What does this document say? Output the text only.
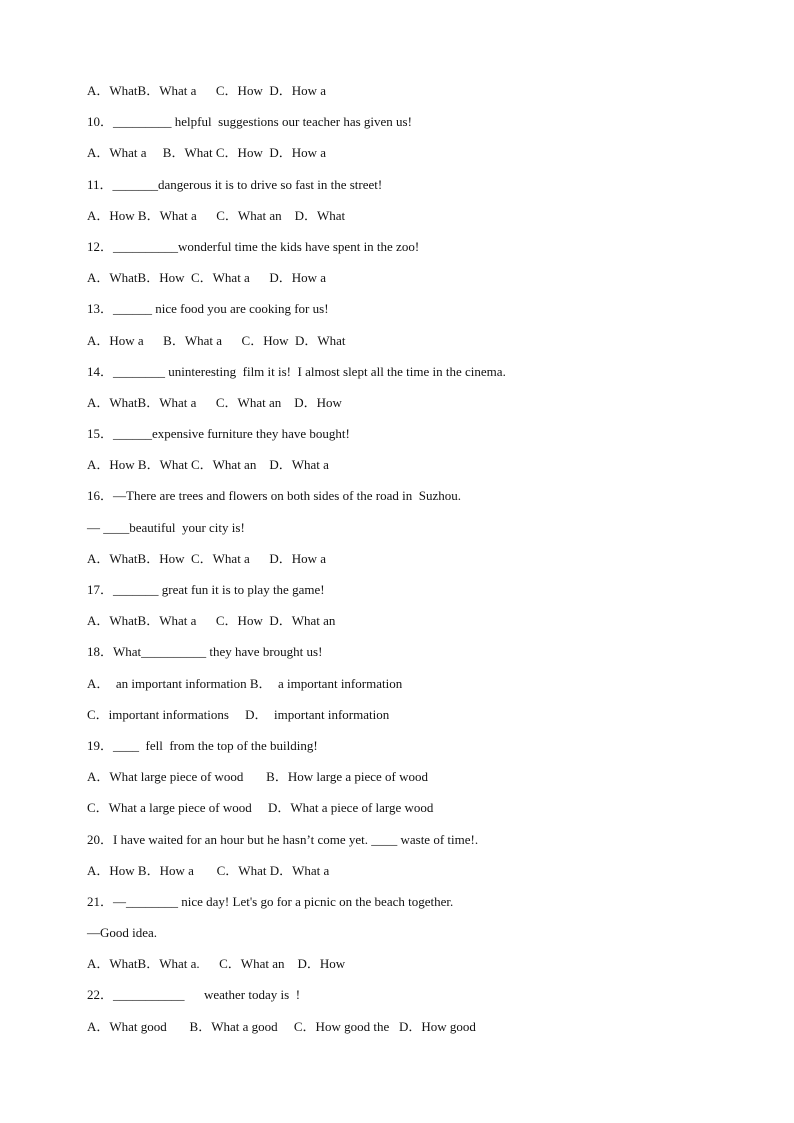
A．WhatB．What a      C．How  D．How a
10．_________ helpful  suggestions our teacher has given us!
A．What a     B．What C．How  D．How a
11．_______dangerous it is to drive so fast in the street!
A．How B．What a      C．What an    D．What
12．__________wonderful time the kids have spent in the zoo!
A．WhatB．How  C．What a      D．How a
13．______ nice food you are cooking for us!
A．How a      B．What a      C．How  D．What
14．________ uninteresting  film it is!  I almost slept all the time in the cinema.
A．WhatB．What a      C．What an    D．How
15．______expensive furniture they have bought!
A．How B．What C．What an    D．What a
16．—There are trees and flowers on both sides of the road in  Suzhou.
— ____beautiful  your city is!
A．WhatB．How  C．What a      D．How a
17．_______ great fun it is to play the game!
A．WhatB．What a      C．How  D．What an
18．What__________ they have brought us!
A．  an important information B．  a important information
C．important informations     D．  important information
19．____  fell  from the top of the building!
A．What large piece of wood       B．How large a piece of wood
C．What a large piece of wood     D．What a piece of large wood
20．I have waited for an hour but he hasn’t come yet. ____ waste of time!.
A．How B．How a       C．What D．What a
21．—________ nice day! Let's go for a picnic on the beach together.
—Good idea.
A．WhatB．What a.      C．What an    D．How
22．___________      weather today is  !
A．What good       B．What a good     C．How good the   D．How good
